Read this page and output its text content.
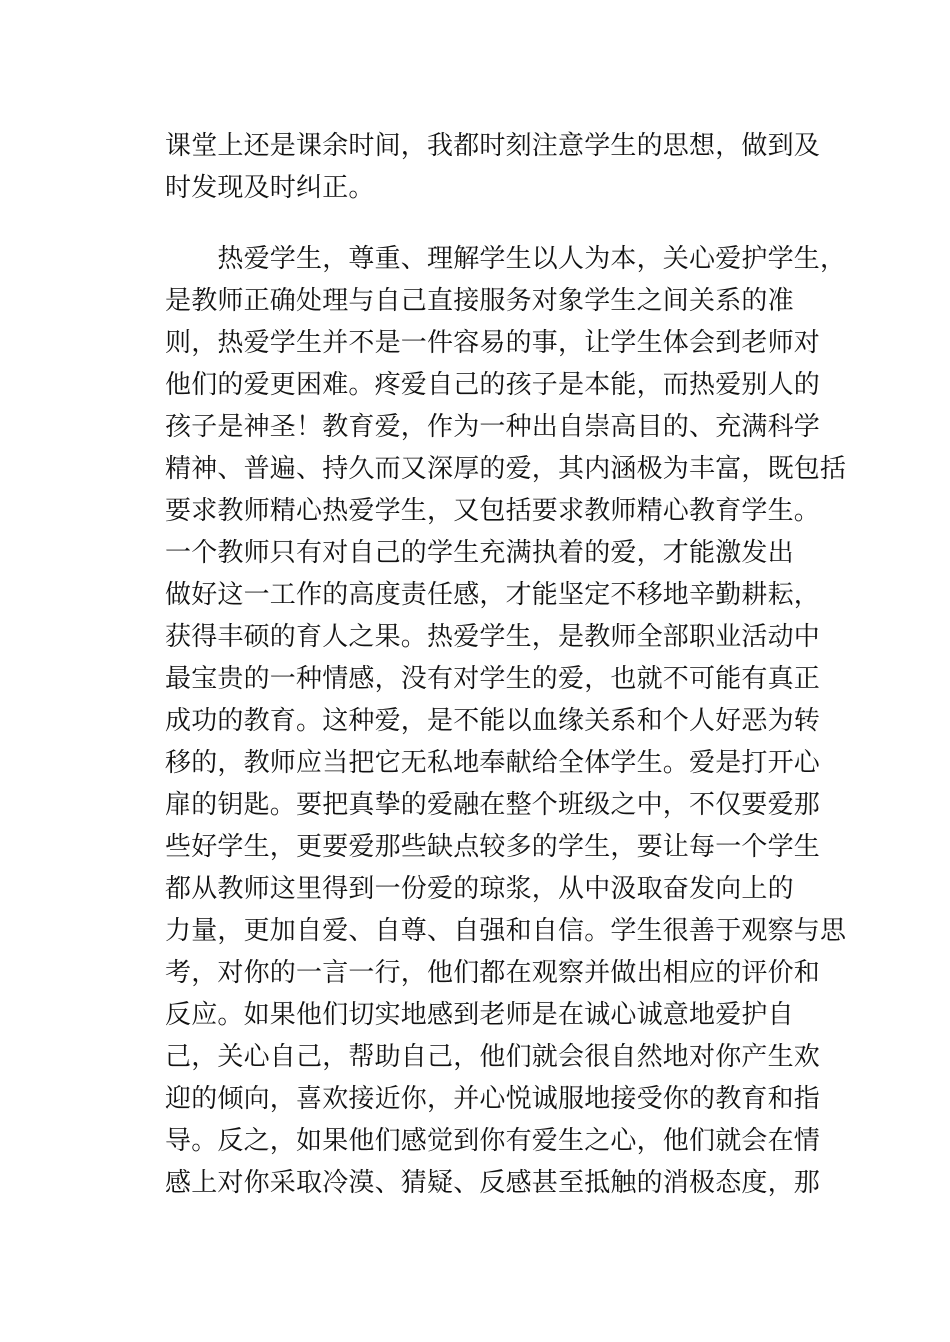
课堂上还是课余时间，我都时刻注意学生的思想，做到及
时发现及时纠正。
　　热爱学生，尊重、理解学生以人为本，关心爱护学生，
是教师正确处理与自己直接服务对象学生之间关系的准
则，热爱学生并不是一件容易的事，让学生体会到老师对
他们的爱更困难。疼爱自己的孩子是本能，而热爱别人的
孩子是神圣！教育爱，作为一种出自崇高目的、充满科学
精神、普遍、持久而又深厚的爱，其内涵极为丰富，既包括
要求教师精心热爱学生，又包括要求教师精心教育学生。
一个教师只有对自己的学生充满执着的爱，才能激发出
做好这一工作的高度责任感，才能坚定不移地辛勤耕耘，
获得丰硕的育人之果。热爱学生，是教师全部职业活动中
最宝贵的一种情感，没有对学生的爱，也就不可能有真正
成功的教育。这种爱，是不能以血缘关系和个人好恶为转
移的，教师应当把它无私地奉献给全体学生。爱是打开心
扉的钥匙。要把真挚的爱融在整个班级之中，不仅要爱那
些好学生，更要爱那些缺点较多的学生，要让每一个学生
都从教师这里得到一份爱的琼浆，从中汲取奋发向上的
力量，更加自爱、自尊、自强和自信。学生很善于观察与思
考，对你的一言一行，他们都在观察并做出相应的评价和
反应。如果他们切实地感到老师是在诚心诚意地爱护自
己，关心自己，帮助自己，他们就会很自然地对你产生欢
迎的倾向，喜欢接近你，并心悦诚服地接受你的教育和指
导。反之，如果他们感觉到你有爱生之心，他们就会在情
感上对你采取冷漠、猜疑、反感甚至抵触的消极态度，那
